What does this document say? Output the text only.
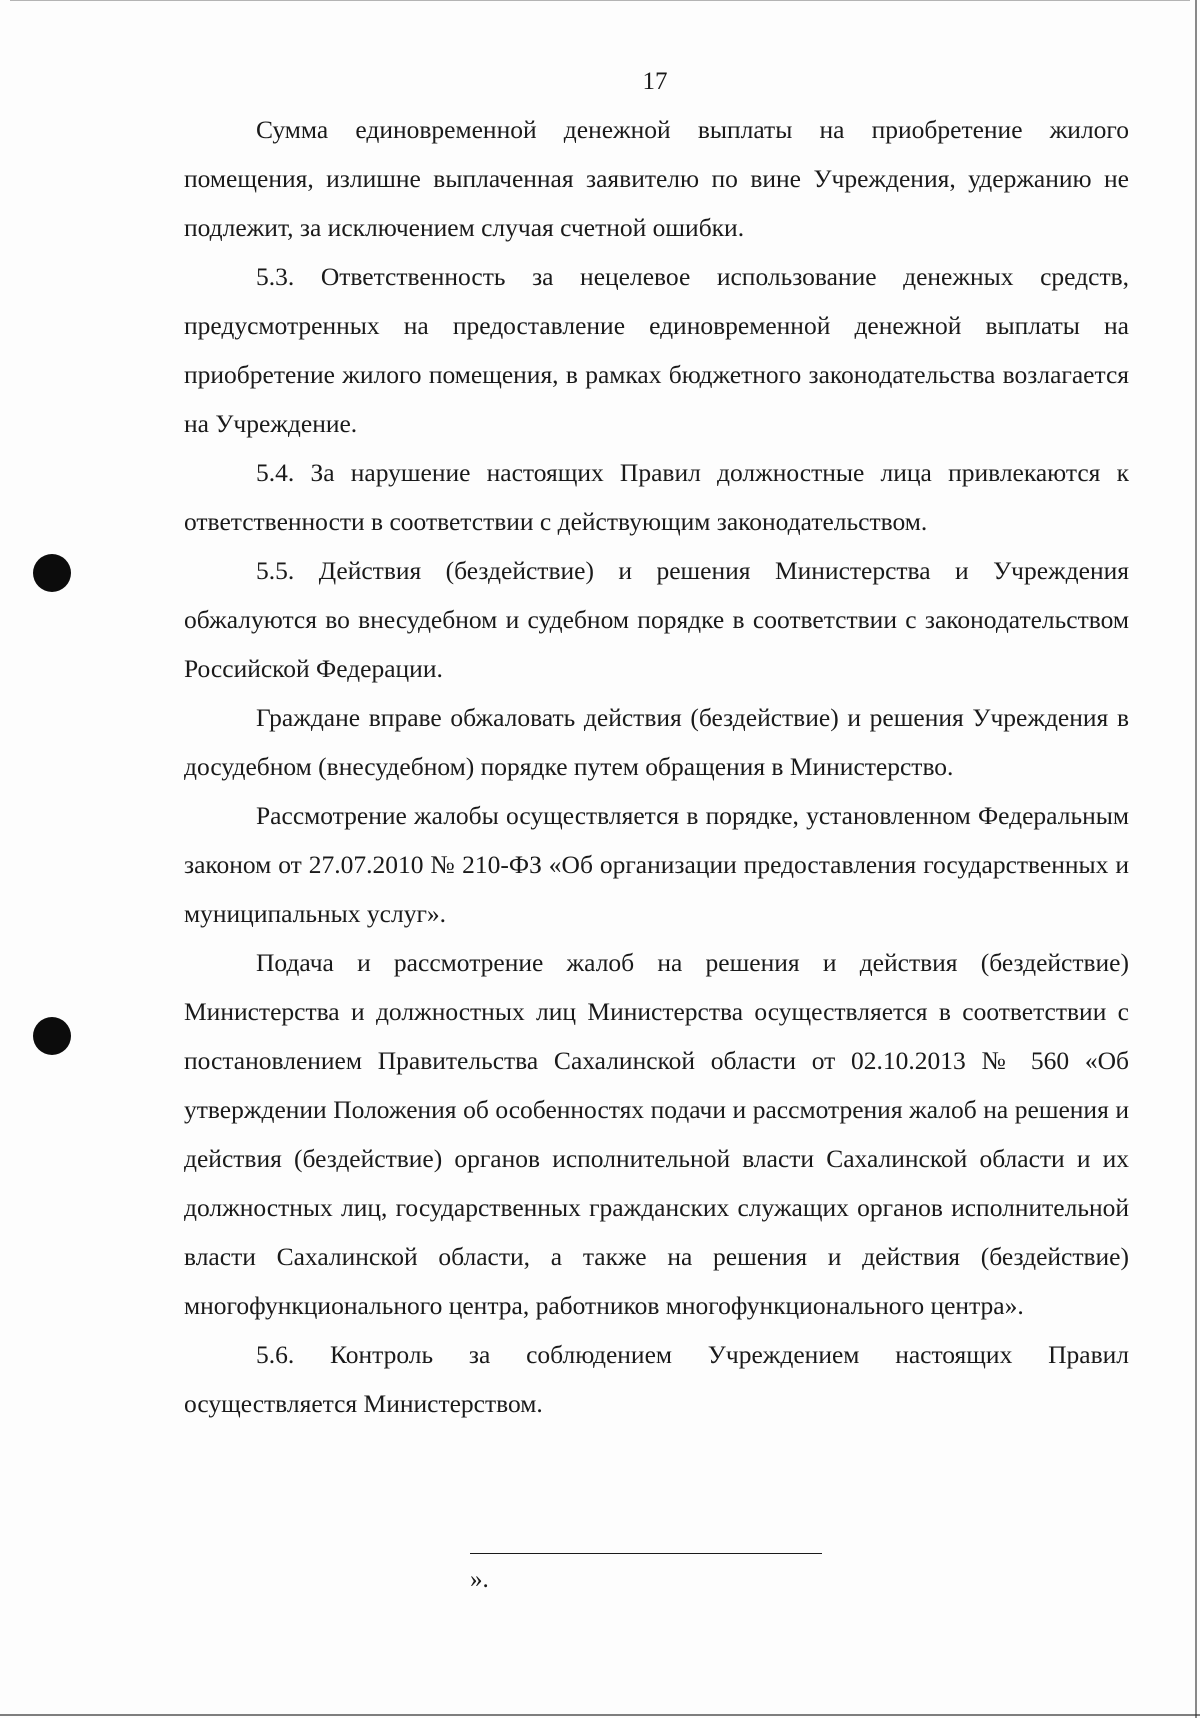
17

Сумма единовременной денежной выплаты на приобретение жилого помещения, излишне выплаченная заявителю по вине Учреждения, удержанию не подлежит, за исключением случая счетной ошибки.

5.3. Ответственность за нецелевое использование денежных средств, предусмотренных на предоставление единовременной денежной выплаты на приобретение жилого помещения, в рамках бюджетного законодательства возлагается на Учреждение.

5.4. За нарушение настоящих Правил должностные лица привлекаются к ответственности в соответствии с действующим законодательством.

5.5. Действия (бездействие) и решения Министерства и Учреждения обжалуются во внесудебном и судебном порядке в соответствии с законодательством Российской Федерации.

Граждане вправе обжаловать действия (бездействие) и решения Учреждения в досудебном (внесудебном) порядке путем обращения в Министерство.

Рассмотрение жалобы осуществляется в порядке, установленном Федеральным законом от 27.07.2010 № 210-ФЗ «Об организации предоставления государственных и муниципальных услуг».

Подача и рассмотрение жалоб на решения и действия (бездействие) Министерства и должностных лиц Министерства осуществляется в соответствии с постановлением Правительства Сахалинской области от 02.10.2013 № 560 «Об утверждении Положения об особенностях подачи и рассмотрения жалоб на решения и действия (бездействие) органов исполнительной власти Сахалинской области и их должностных лиц, государственных гражданских служащих органов исполнительной власти Сахалинской области, а также на решения и действия (бездействие) многофункционального центра, работников многофункционального центра».

5.6. Контроль за соблюдением Учреждением настоящих Правил осуществляется Министерством.

».
